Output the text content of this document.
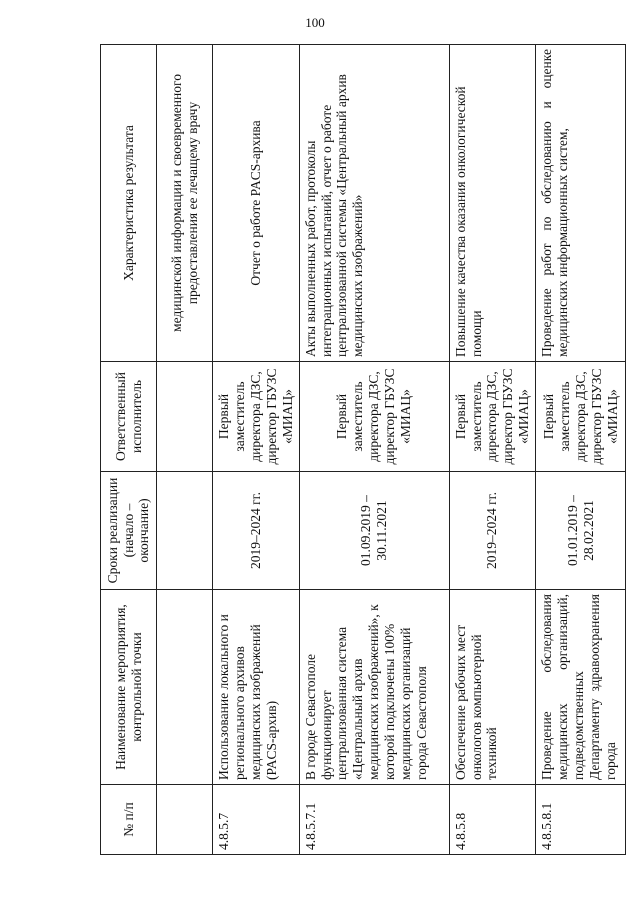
100
№ п/п	Наименование мероприятия, контрольной точки	Сроки реализации (начало – окончание)	Ответственный исполнитель	Характеристика результата
				медицинской информации и своевременного предоставления ее лечащему врачу
4.8.5.7	Использование локального и регионального архивов медицинских изображений (PACS-архив)	2019–2024 гг.	Первый заместитель директора ДЗС, директор ГБУЗС «МИАЦ»	Отчет о работе PACS-архива
4.8.5.7.1	В городе Севастополе функционирует централизованная система «Центральный архив медицинских изображений», к которой подключены 100% медицинских организаций города Севастополя	01.09.2019 – 30.11.2021	Первый заместитель директора ДЗС, директор ГБУЗС «МИАЦ»	Акты выполненных работ, протоколы интеграционных испытаний, отчет о работе централизованной системы «Центральный архив медицинских изображений»
4.8.5.8	Обеспечение рабочих мест онкологов компьютерной техникой	2019–2024 гг.	Первый заместитель директора ДЗС, директор ГБУЗС «МИАЦ»	Повышение качества оказания онкологической помощи
4.8.5.8.1	Проведение обследования медицинских организаций, подведомственных Департаменту здравоохранения города	01.01.2019 – 28.02.2021	Первый заместитель директора ДЗС, директор ГБУЗС «МИАЦ»	Проведение работ по обследованию и оценке медицинских информационных систем,
